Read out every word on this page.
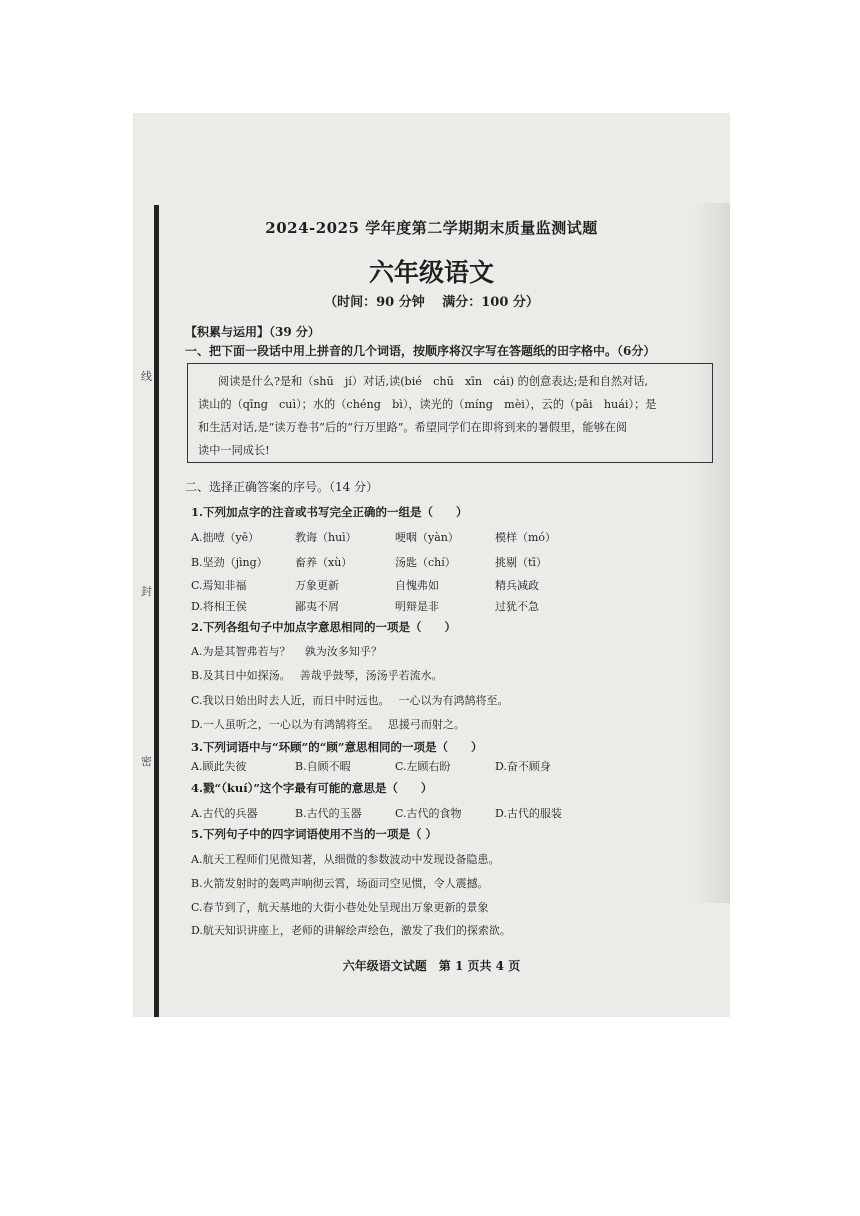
线
封
密
2024-2025 学年度第二学期期末质量监测试题
六年级语文
（时间：90 分钟　 满分：100 分）
【积累与运用】（39 分）
一、把下面一段话中用上拼音的几个词语，按顺序将汉字写在答题纸的田字格中。（6分）
阅读是什么?是和（shū　jí）对话,读(bié　chū　xīn　cái) 的创意表达;是和自然对话,
读山的（qīng　cuì）；水的（chéng　bì），读光的（míng　mèi），云的（pāi　huái）；是
和生活对话,是“读万卷书”后的“行万里路”。希望同学们在即将到来的暑假里，能够在阅
读中一同成长!
二、选择正确答案的序号。（14 分）
1.下列加点字的注音或书写完全正确的一组是（　　）
A.拙噎（yē）	教诲（huì）	哽咽（yàn）	模样（mó）
B.坚劲（jìng） 畜养（xù）	汤匙（chí）	挑剔（tī）
C.焉知非福	万象更新	自愧弗如	精兵减政
D.将相王侯	鄙夷不屑	明辩是非	过犹不急
2.下列各组句子中加点字意思相同的一项是（　　）
A.为是其智弗若与？　 孰为汝多知乎？
B.及其日中如探汤。　 善哉乎鼓琴，汤汤乎若流水。
C.我以日始出时去人近，而日中时远也。　 一心以为有鸿鹄将至。
D.一人虽听之，一心以为有鸿鹄将至。　 思援弓而射之。
3.下列词语中与“环顾”的“顾”意思相同的一项是（　　）
A.顾此失彼	B.自顾不暇	C.左顾右盼	D.奋不顾身
4.戮“（kuí）”这个字最有可能的意思是（　　）
A.古代的兵器	B.古代的玉器	C.古代的食物	D.古代的服装
5.下列句子中的四字词语使用不当的一项是（ ）
A.航天工程师们见微知著，从细微的参数波动中发现设备隐患。
B.火箭发射时的轰鸣声响彻云霄，场面司空见惯，令人震撼。
C.春节到了，航天基地的大街小巷处处呈现出万象更新的景象
D.航天知识讲座上，老师的讲解绘声绘色，激发了我们的探索欲。
六年级语文试题　第 1 页共 4 页
